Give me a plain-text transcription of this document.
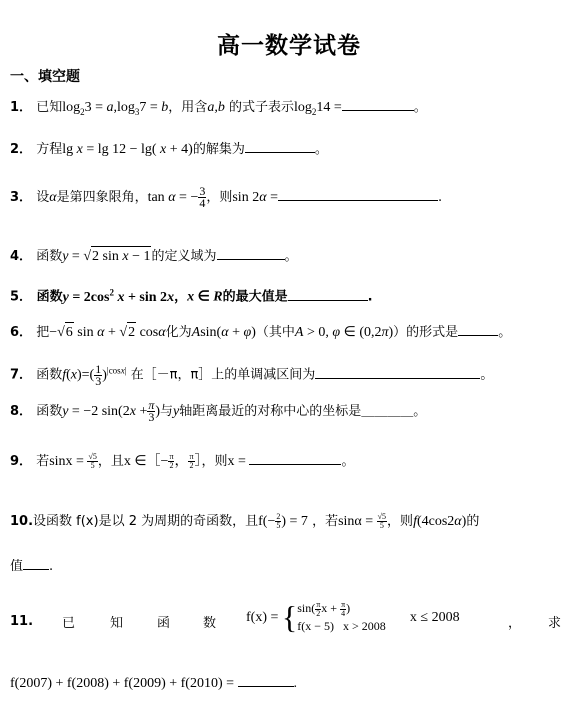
高一数学试卷
一、填空题
1． 已知$\log_23 = a,\log_37 = b$，用含a,b 的式子表示$\log_214$ =	。
2． 方程lg x = lg 12 − lg( x + 4)的解集为	。
3． 设α是第四象限角，tan α = − $\frac{3}{4}$ ，则sin 2α =	.
4． 函数y = √2 sin x − 1的定义域为	。
5． 函数$y = 2\cos^2$ x + sin 2x，x ∈ R的最大值是	.
6． 把−√6 sin α + √2 cosα化为Asin(α + φ)（其中A > 0, φ ∈ (0,2π)）的形式是	。
7． 函数$f(x)=( \frac{1}{3} )^{|cosx|}$ 在［－π，π］上的单调减区间为	。
8． 函数y = −2 $\sin(2x + \frac{\pi}{3}$ )与y轴距离最近的对称中心的坐标是＿＿＿＿。
9． 若$\sin x = \frac{√5}{5}$ ，且x ∈［− $\frac{\pi}{2}$ ， $\frac{\pi}{2}$ ］，则x =	。
10.设函数 f(x)是以 2 为周期的奇函数，且$f(- \frac{2}{5}$ ) = 7 ，若$\sin\alpha = \frac{√5}{5}$ ，则f(4cos2α)的
值 .
11. 已	知	函	数 $f(x) = \{\sin( \frac{\pi}{2}$ $x + \frac{\pi}{4}$ )
f(x − 5)   x > 2008 x ≤ 2008	， 求
f(2007) + f(2008) + f(2009) + f(2010) =	.
